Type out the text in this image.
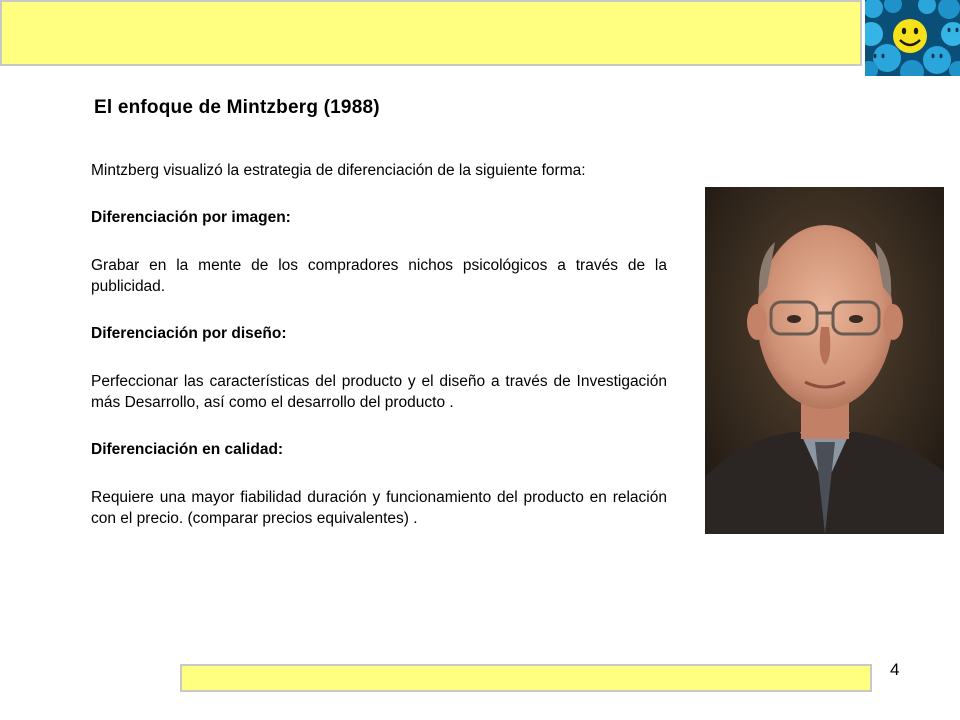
El enfoque de Mintzberg (1988)

Mintzberg visualizó la estrategia de diferenciación de la siguiente forma:

Diferenciación por imagen:

Grabar en la mente de los compradores nichos psicológicos a través de la publicidad.

Diferenciación por diseño:

Perfeccionar las características del producto y el diseño a través de Investigación más Desarrollo, así como el desarrollo del producto .

Diferenciación en calidad:

Requiere una mayor fiabilidad duración y funcionamiento del producto en relación con el precio. (comparar precios equivalentes) .

4
